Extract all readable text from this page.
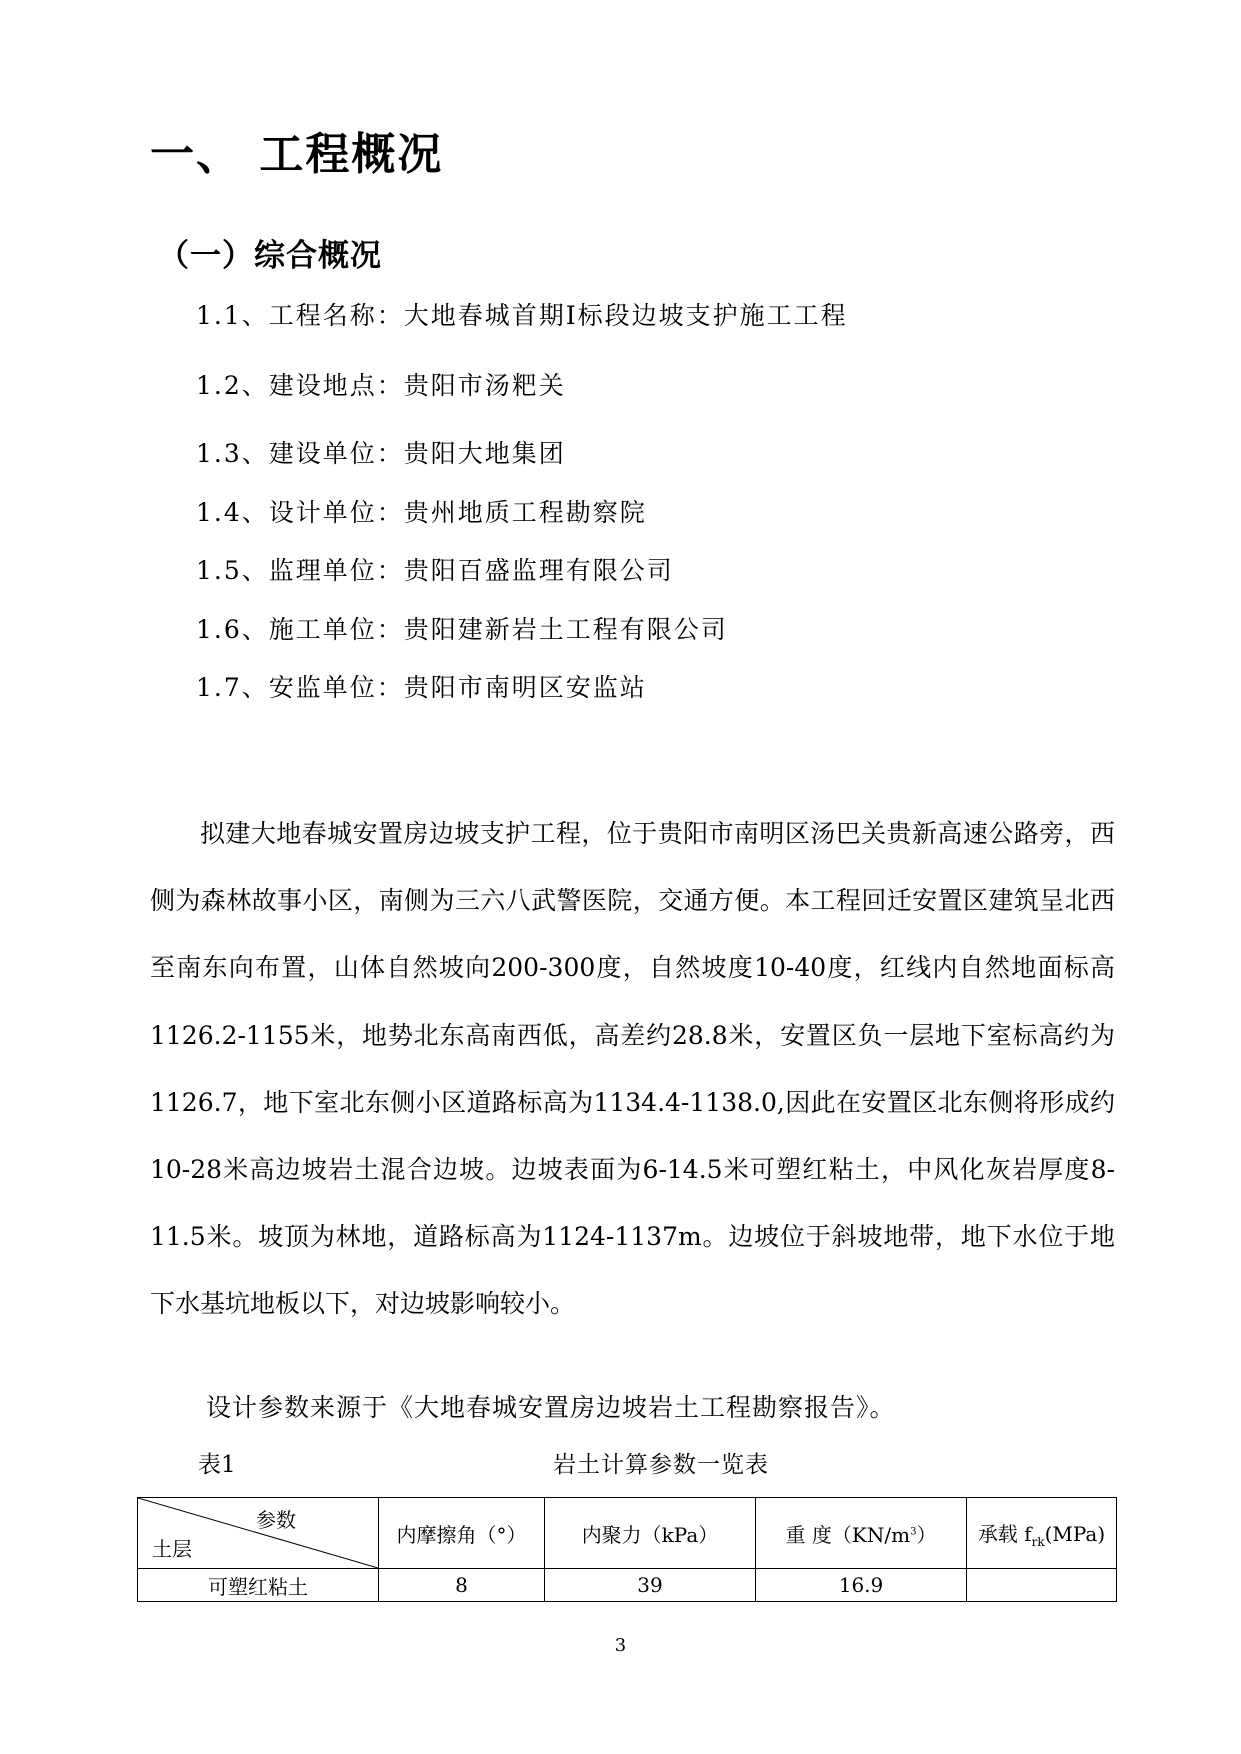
一、 工程概况
（一）综合概况
1.1、工程名称：大地春城首期Ⅰ标段边坡支护施工工程
1.2、建设地点：贵阳市汤粑关
1.3、建设单位：贵阳大地集团
1.4、设计单位：贵州地质工程勘察院
1.5、监理单位：贵阳百盛监理有限公司
1.6、施工单位：贵阳建新岩土工程有限公司
1.7、安监单位：贵阳市南明区安监站
拟建大地春城安置房边坡支护工程，位于贵阳市南明区汤巴关贵新高速公路旁，西侧为森林故事小区，南侧为三六八武警医院，交通方便。本工程回迁安置区建筑呈北西至南东向布置，山体自然坡向200-300度，自然坡度10-40度，红线内自然地面标高1126.2-1155米，地势北东高南西低，高差约28.8米，安置区负一层地下室标高约为1126.7，地下室北东侧小区道路标高为1134.4-1138.0,因此在安置区北东侧将形成约10-28米高边坡岩土混合边坡。边坡表面为6-14.5米可塑红粘土，中风化灰岩厚度8-11.5米。坡顶为林地，道路标高为1124-1137m。边坡位于斜坡地带，地下水位于地下水基坑地板以下，对边坡影响较小。
设计参数来源于《大地春城安置房边坡岩土工程勘察报告》。
表1	岩土计算参数一览表
参数
土层	内摩擦角（°）	内聚力（kPa）	重 度$(KN/m^3)$	承载 $f_{rk}(MPa)$
可塑红粘土	8	39	16.9	
3
